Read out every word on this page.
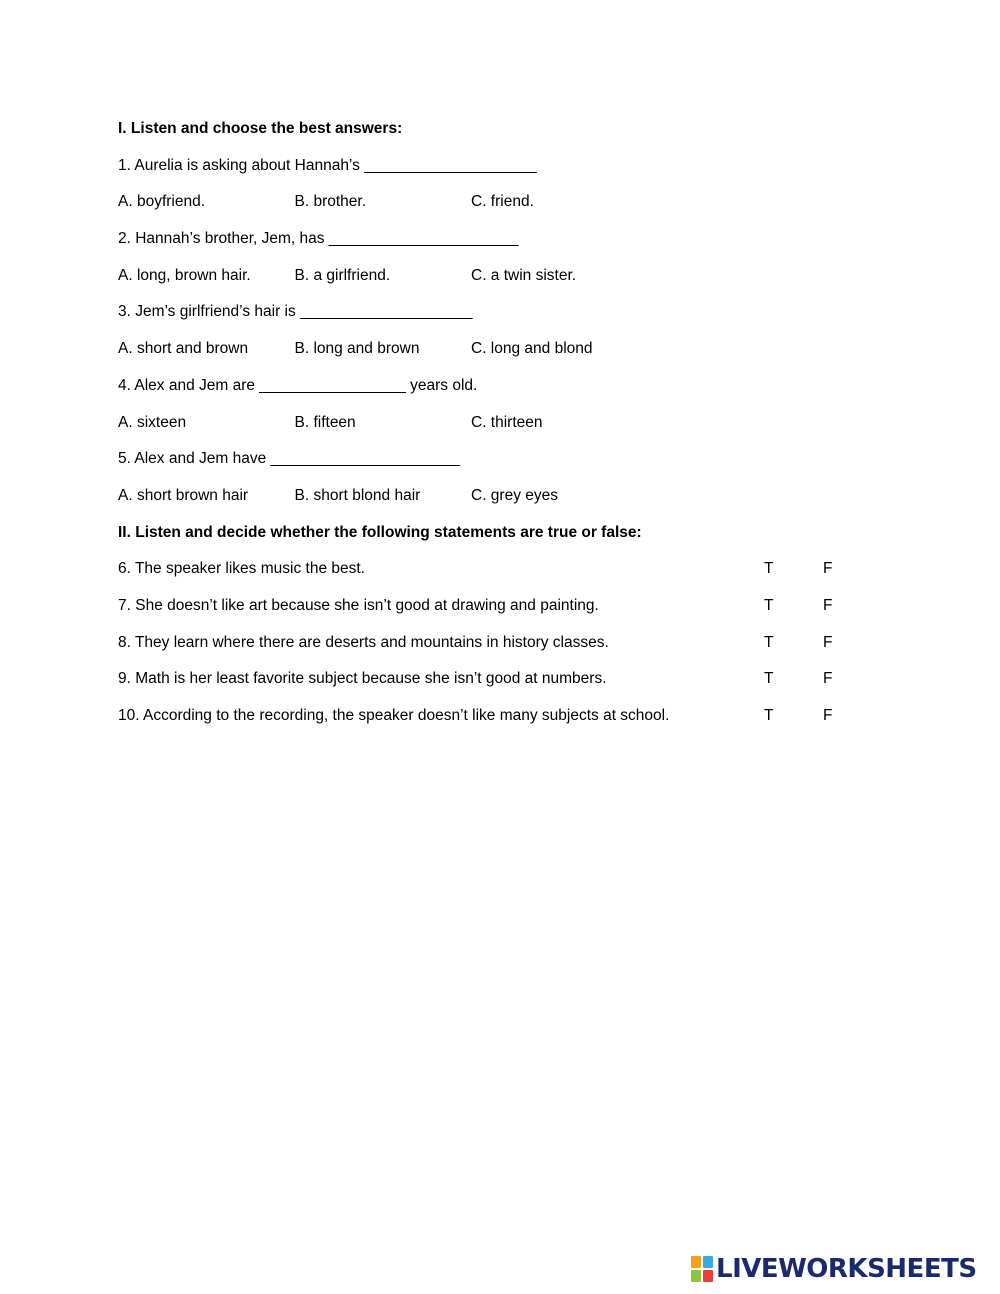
I. Listen and choose the best answers:
1. Aurelia is asking about Hannah’s ____________________
A. boyfriend.	B. brother.	C. friend.
2. Hannah’s brother, Jem, has ______________________
A. long, brown hair.	B. a girlfriend.	C. a twin sister.
3. Jem’s girlfriend’s hair is ____________________
A. short and brown	B. long and brown	C. long and blond
4. Alex and Jem are _________________ years old.
A. sixteen	B. fifteen	C. thirteen
5. Alex and Jem have ______________________
A. short brown hair	B. short blond hair	C. grey eyes
II. Listen and decide whether the following statements are true or false:
6. The speaker likes music the best.	T	F
7. She doesn’t like art because she isn’t good at drawing and painting.	T	F
8. They learn where there are deserts and mountains in history classes.	T	F
9. Math is her least favorite subject because she isn’t good at numbers.	T	F
10. According to the recording, the speaker doesn’t like many subjects at school.	T	F
LIVEWORKSHEETS
